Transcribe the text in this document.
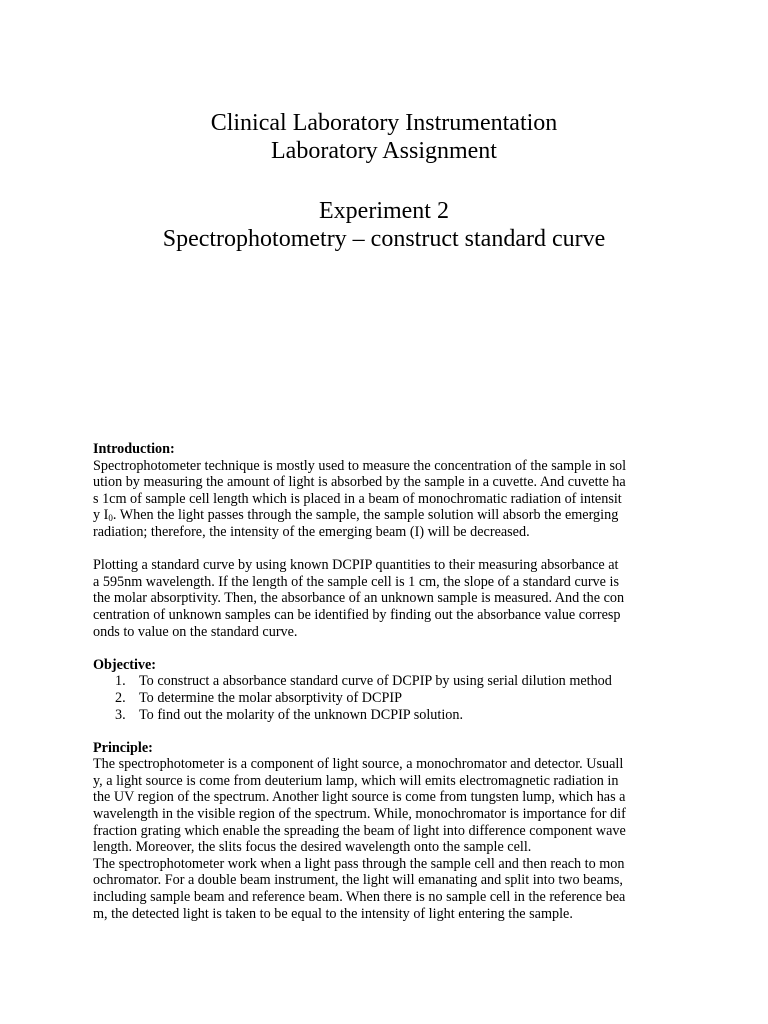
Clinical Laboratory Instrumentation
Laboratory Assignment
Experiment 2
Spectrophotometry – construct standard curve
Introduction:
Spectrophotometer technique is mostly used to measure the concentration of the sample in sol
ution by measuring the amount of light is absorbed by the sample in a cuvette. And cuvette ha
s 1cm of sample cell length which is placed in a beam of monochromatic radiation of intensit
y $I_0$. When the light passes through the sample, the sample solution will absorb the emerging
radiation; therefore, the intensity of the emerging beam (I) will be decreased.
Plotting a standard curve by using known DCPIP quantities to their measuring absorbance at
a 595nm wavelength. If the length of the sample cell is 1 cm, the slope of a standard curve is
the molar absorptivity. Then, the absorbance of an unknown sample is measured. And the con
centration of unknown samples can be identified by finding out the absorbance value corresp
onds to value on the standard curve.
Objective:
1. To construct a absorbance standard curve of DCPIP by using serial dilution method
2. To determine the molar absorptivity of DCPIP
3. To find out the molarity of the unknown DCPIP solution.
Principle:
The spectrophotometer is a component of light source, a monochromator and detector. Usuall
y, a light source is come from deuterium lamp, which will emits electromagnetic radiation in
the UV region of the spectrum. Another light source is come from tungsten lump, which has a
wavelength in the visible region of the spectrum. While, monochromator is importance for dif
fraction grating which enable the spreading the beam of light into difference component wave
length. Moreover, the slits focus the desired wavelength onto the sample cell.
The spectrophotometer work when a light pass through the sample cell and then reach to mon
ochromator. For a double beam instrument, the light will emanating and split into two beams,
including sample beam and reference beam. When there is no sample cell in the reference bea
m, the detected light is taken to be equal to the intensity of light entering the sample.
